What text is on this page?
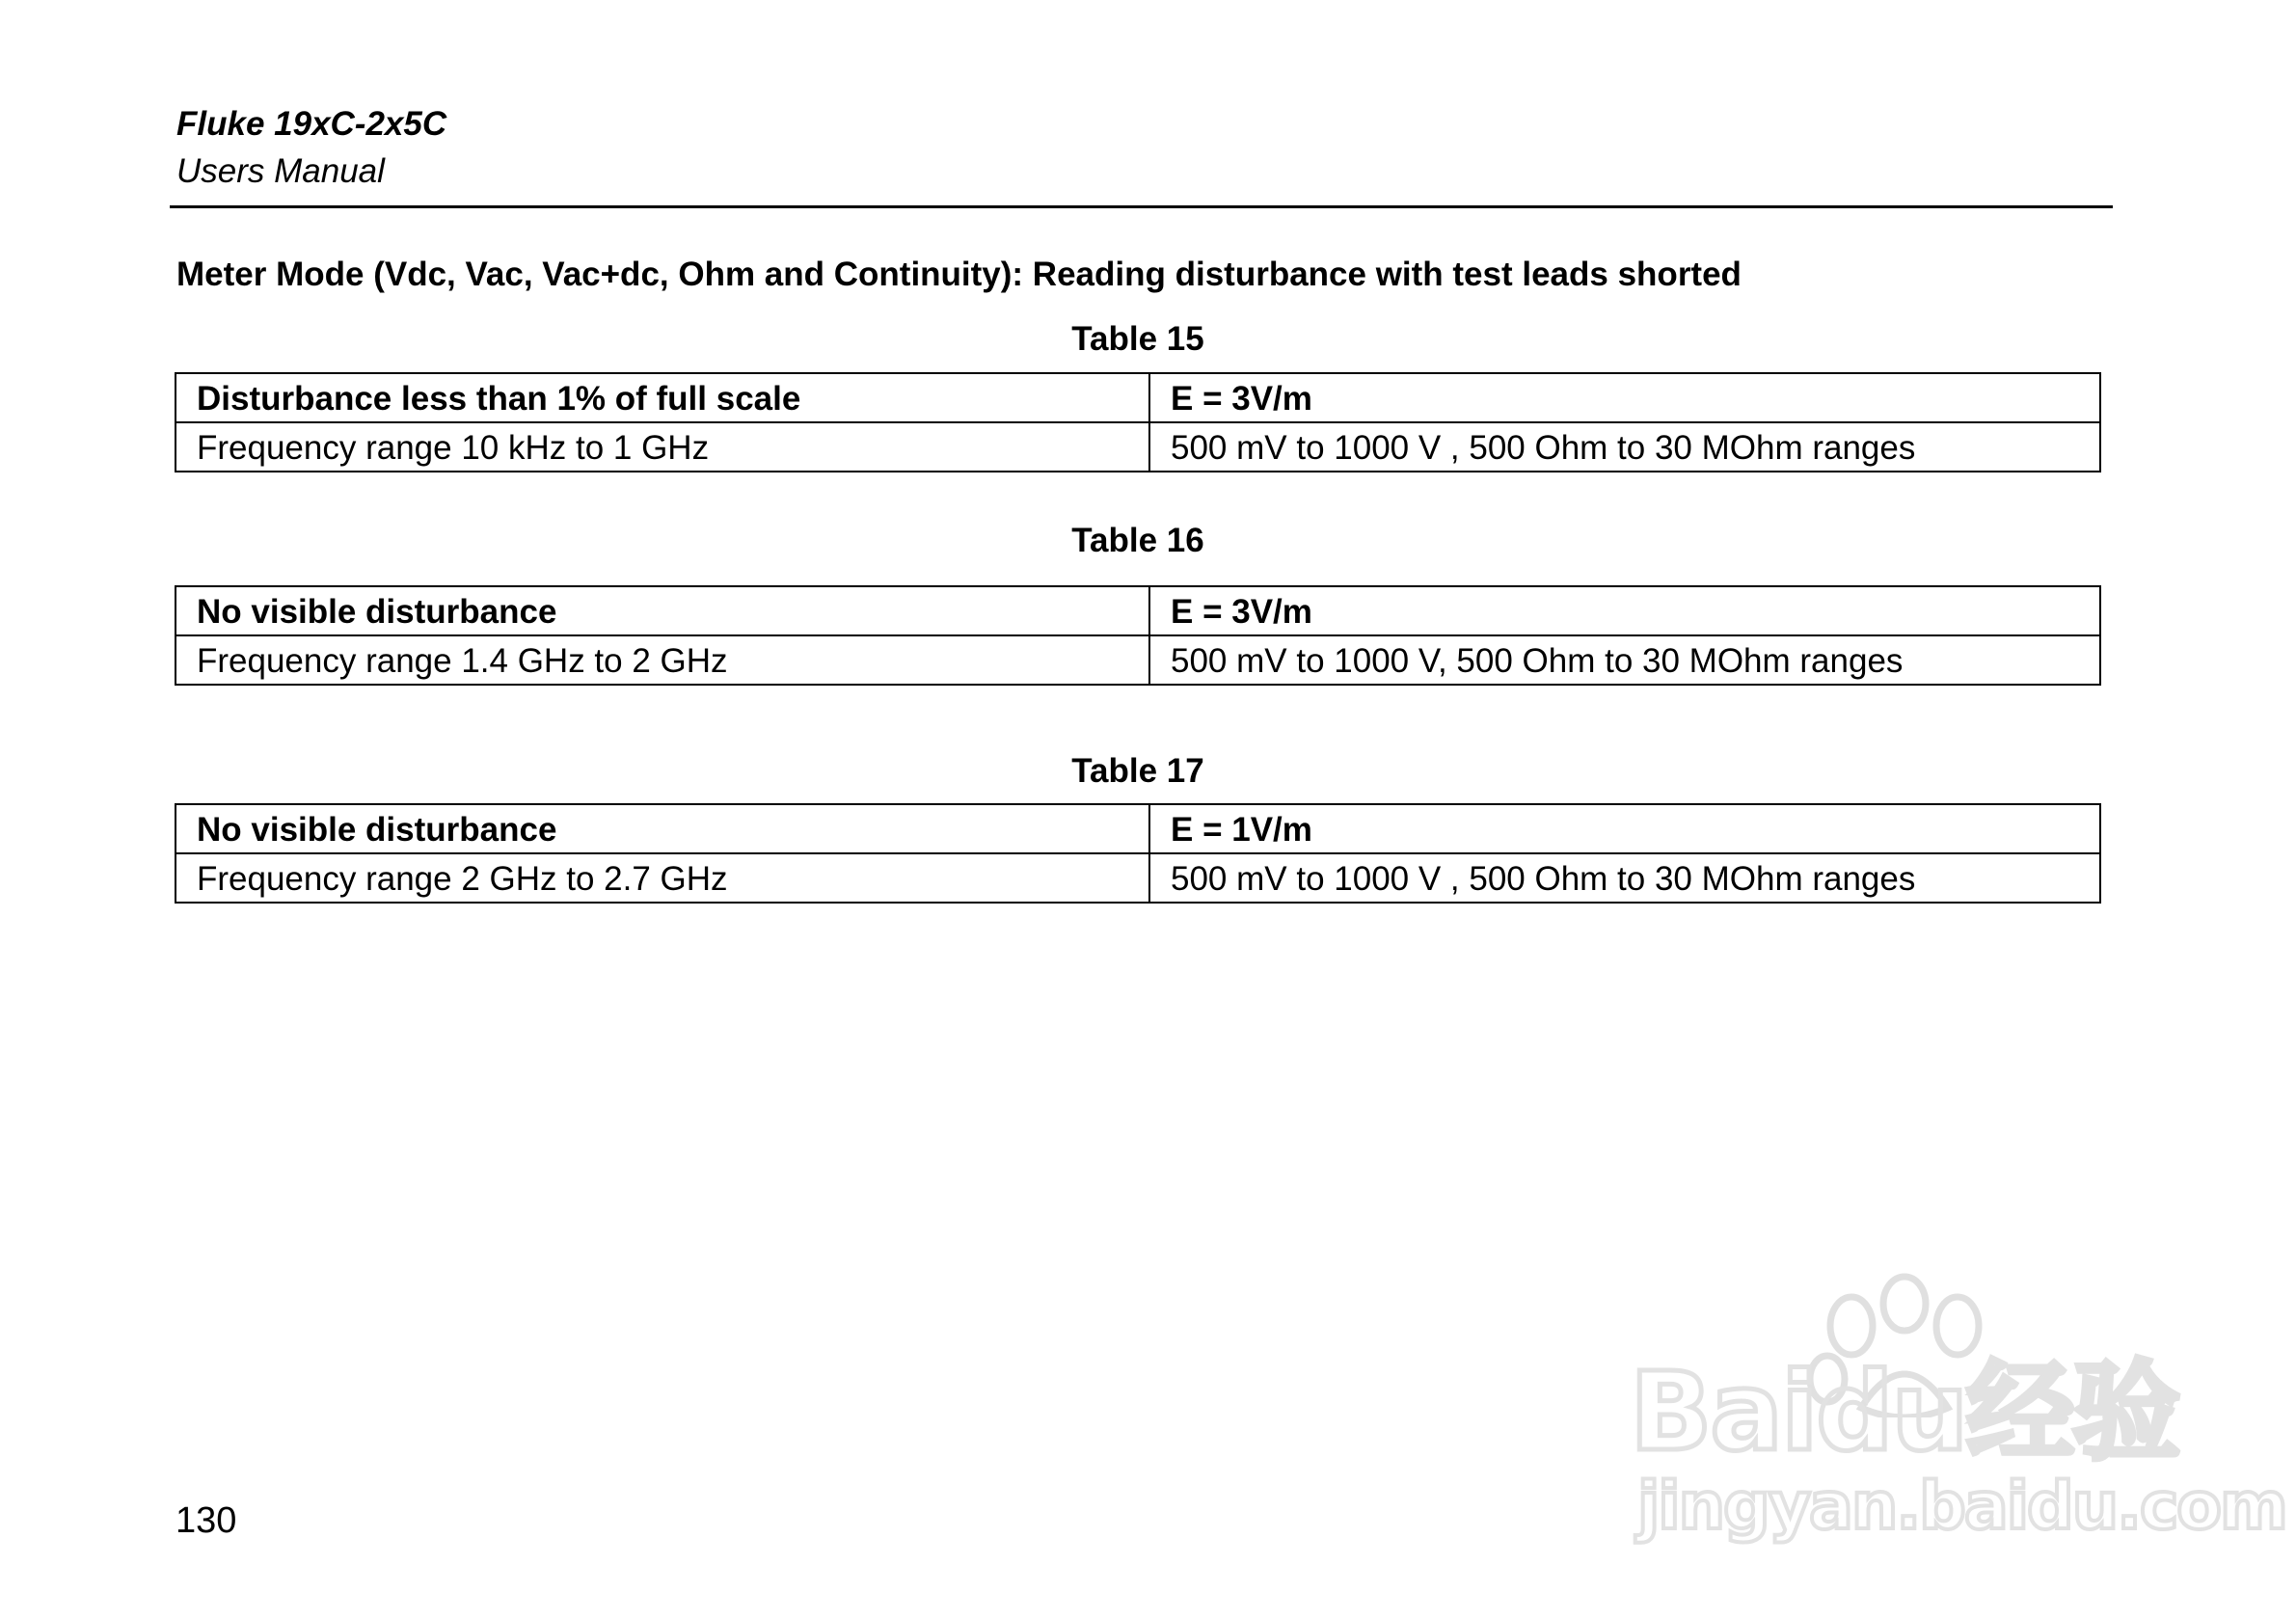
Fluke 19xC-2x5C
Users Manual
Meter Mode (Vdc, Vac, Vac+dc, Ohm and Continuity): Reading disturbance with test leads shorted
Table 15
Disturbance less than 1% of full scale	E = 3V/m
Frequency range 10 kHz to 1 GHz	500 mV to 1000 V , 500 Ohm to 30 MOhm ranges
Table 16
No visible disturbance	E = 3V/m
Frequency range 1.4 GHz to 2 GHz	500 mV to 1000 V, 500 Ohm to 30 MOhm ranges
Table 17
No visible disturbance	E = 1V/m
Frequency range 2 GHz to 2.7 GHz	500 mV to 1000 V , 500 Ohm to 30 MOhm ranges
130
Baidu经验
jingyan.baidu.com
